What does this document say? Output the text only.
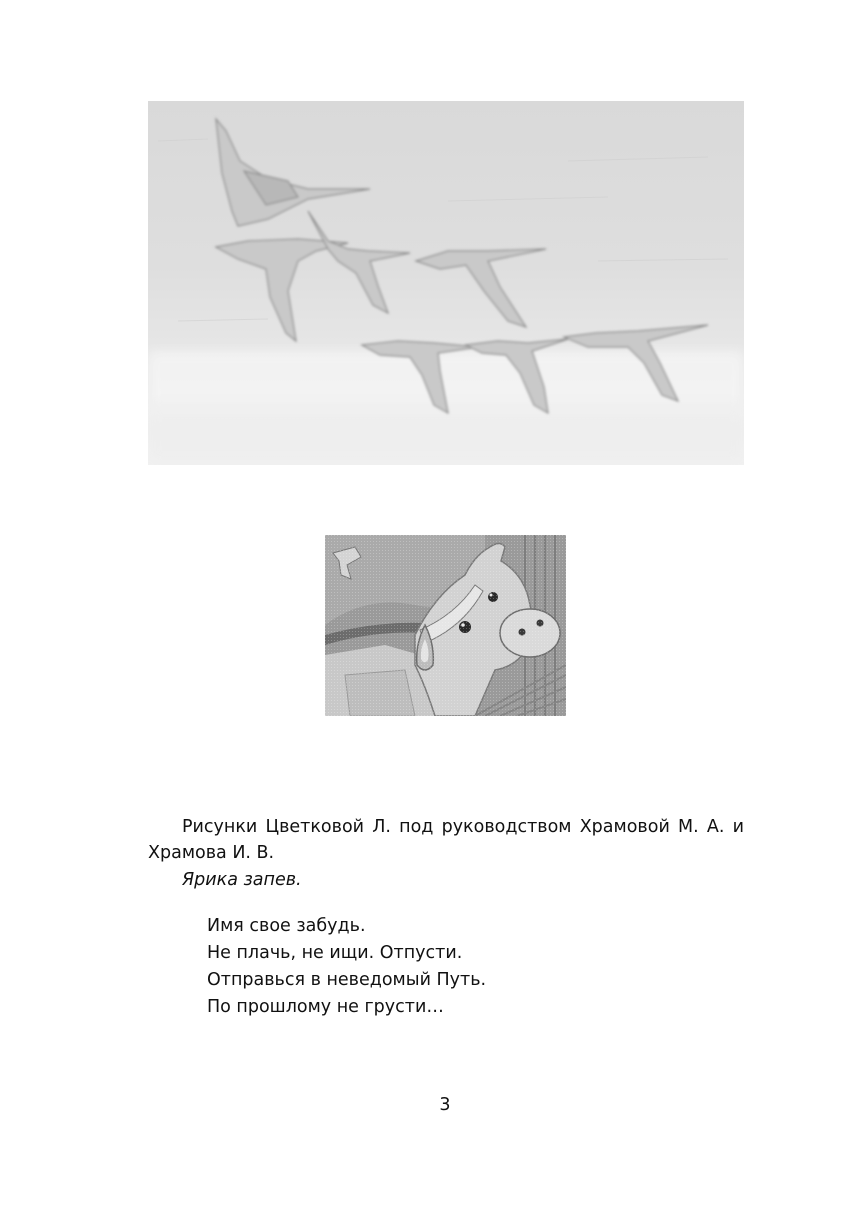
Рисунки Цветковой Л. под руководством Храмовой М. А. и Храмова И. В.

Ярика запев.

Имя свое забудь.
Не плачь, не ищи. Отпусти.
Отправься в неведомый Путь.
По прошлому не грусти…
3
